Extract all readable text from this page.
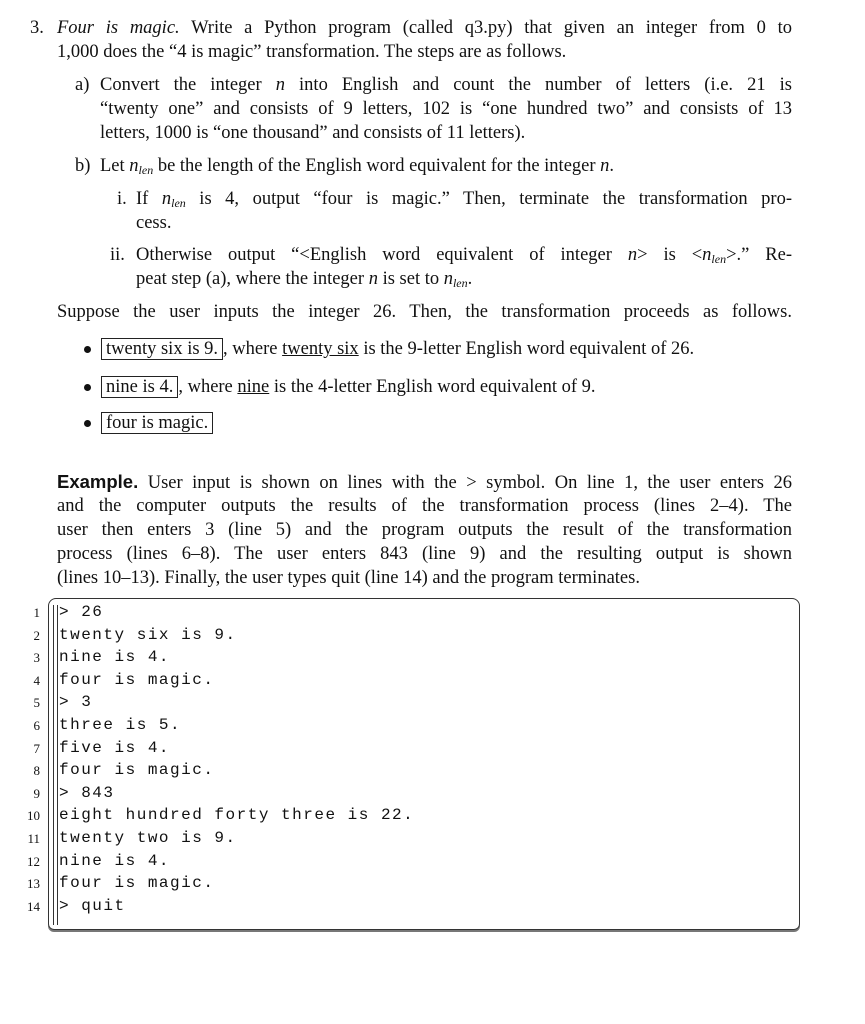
3. Four is magic. Write a Python program (called q3.py) that given an integer from 0 to
1,000 does the “4 is magic” transformation. The steps are as follows.
a) Convert the integer n into English and count the number of letters (i.e. 21 is
“twenty one” and consists of 9 letters, 102 is “one hundred two” and consists of 13
letters, 1000 is “one thousand” and consists of 11 letters).
b) Let $n_{len}$ be the length of the English word equivalent for the integer n.
i. If $n_{len}$ is 4, output “four is magic.” Then, terminate the transformation pro-
cess.
ii. Otherwise output “<English word equivalent of integer n> is $<n_{len}>$.” Re-
peat step (a), where the integer n is set to $n_{len}$.
Suppose the user inputs the integer 26. Then, the transformation proceeds as follows.
twenty six is 9. , where twenty six is the 9-letter English word equivalent of 26.
nine is 4. , where nine is the 4-letter English word equivalent of 9.
four is magic.
Example. User input is shown on lines with the > symbol. On line 1, the user enters 26
and the computer outputs the results of the transformation process (lines 2–4). The
user then enters 3 (line 5) and the program outputs the result of the transformation
process (lines 6–8). The user enters 843 (line 9) and the resulting output is shown
(lines 10–13). Finally, the user types quit (line 14) and the program terminates.
1 > 26
2 twenty six is 9.
3 nine is 4.
4 four is magic.
5 > 3
6 three is 5.
7 five is 4.
8 four is magic.
9 > 843
10 eight hundred forty three is 22.
11 twenty two is 9.
12 nine is 4.
13 four is magic.
14 > quit
